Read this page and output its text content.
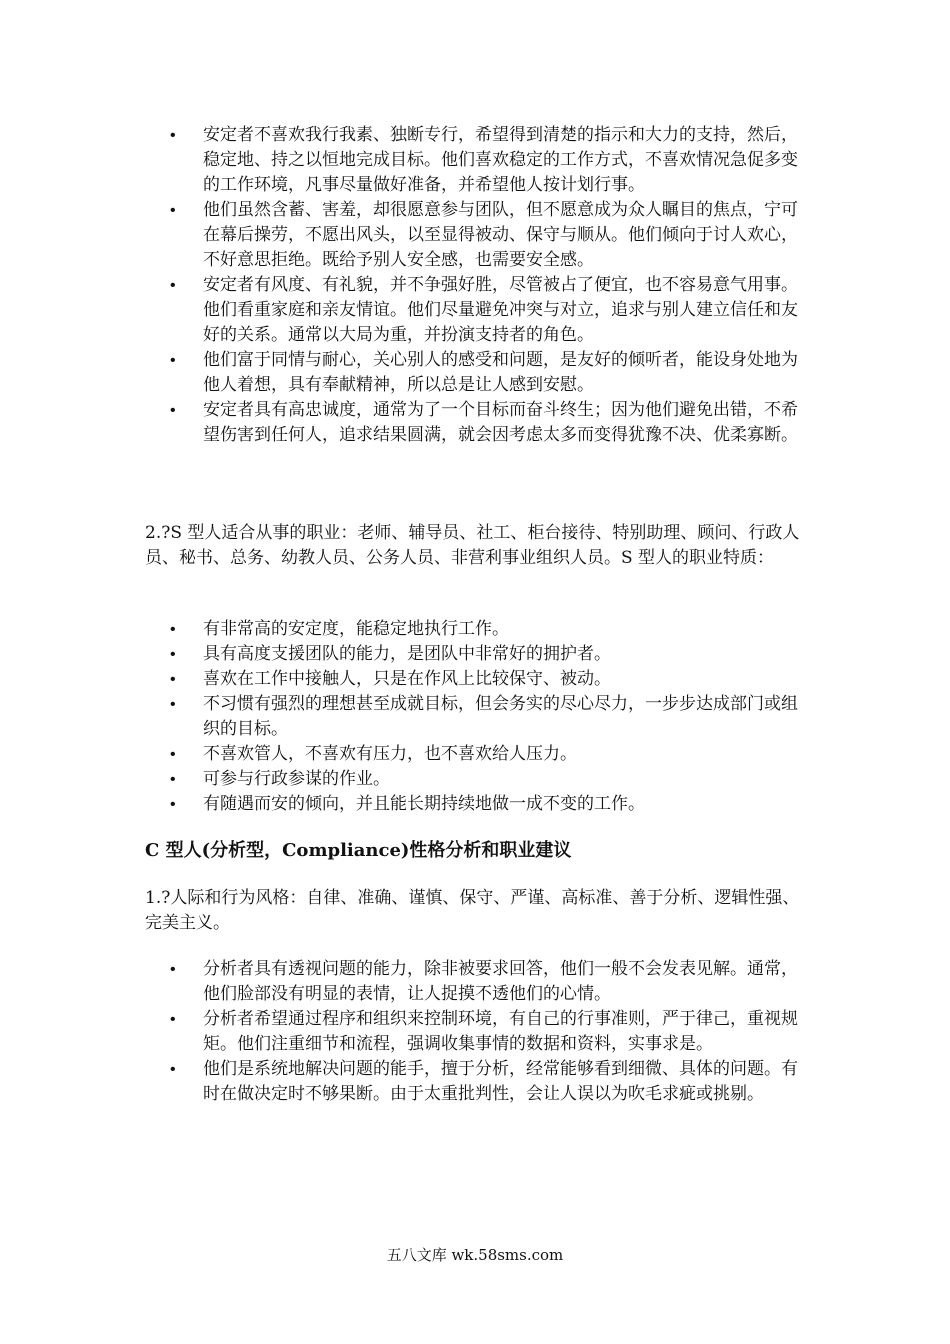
• 安定者不喜欢我行我素、独断专行，希望得到清楚的指示和大力的支持，然后，稳定地、持之以恒地完成目标。他们喜欢稳定的工作方式，不喜欢情况急促多变的工作环境，凡事尽量做好准备，并希望他人按计划行事。
• 他们虽然含蓄、害羞，却很愿意参与团队，但不愿意成为众人瞩目的焦点，宁可在幕后操劳，不愿出风头，以至显得被动、保守与顺从。他们倾向于讨人欢心，不好意思拒绝。既给予别人安全感，也需要安全感。
• 安定者有风度、有礼貌，并不争强好胜，尽管被占了便宜，也不容易意气用事。他们看重家庭和亲友情谊。他们尽量避免冲突与对立，追求与别人建立信任和友好的关系。通常以大局为重，并扮演支持者的角色。
• 他们富于同情与耐心，关心别人的感受和问题，是友好的倾听者，能设身处地为他人着想，具有奉献精神，所以总是让人感到安慰。
• 安定者具有高忠诚度，通常为了一个目标而奋斗终生；因为他们避免出错，不希望伤害到任何人，追求结果圆满，就会因考虑太多而变得犹豫不决、优柔寡断。

2.?S 型人适合从事的职业：老师、辅导员、社工、柜台接待、特别助理、顾问、行政人员、秘书、总务、幼教人员、公务人员、非营利事业组织人员。S 型人的职业特质：

• 有非常高的安定度，能稳定地执行工作。
• 具有高度支援团队的能力，是团队中非常好的拥护者。
• 喜欢在工作中接触人，只是在作风上比较保守、被动。
• 不习惯有强烈的理想甚至成就目标，但会务实的尽心尽力，一步步达成部门或组织的目标。
• 不喜欢管人，不喜欢有压力，也不喜欢给人压力。
• 可参与行政参谋的作业。
• 有随遇而安的倾向，并且能长期持续地做一成不变的工作。
C 型人(分析型，Compliance)性格分析和职业建议

1.?人际和行为风格：自律、准确、谨慎、保守、严谨、高标准、善于分析、逻辑性强、完美主义。

• 分析者具有透视问题的能力，除非被要求回答，他们一般不会发表见解。通常，他们脸部没有明显的表情，让人捉摸不透他们的心情。
• 分析者希望通过程序和组织来控制环境，有自己的行事准则，严于律己，重视规矩。他们注重细节和流程，强调收集事情的数据和资料，实事求是。
• 他们是系统地解决问题的能手，擅于分析，经常能够看到细微、具体的问题。有时在做决定时不够果断。由于太重批判性，会让人误以为吹毛求疵或挑剔。
五八文库 wk.58sms.com
